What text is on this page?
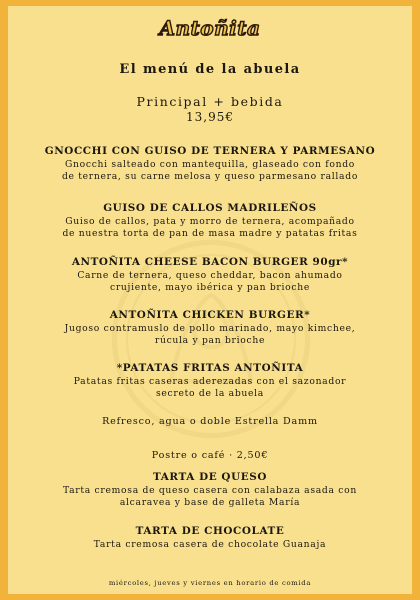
Antoñita
El menú de la abuela
Principal + bebida
13,95€
GNOCCHI CON GUISO DE TERNERA Y PARMESANO
Gnocchi salteado con mantequilla, glaseado con fondo
de ternera, su carne melosa y queso parmesano rallado
GUISO DE CALLOS MADRILEÑOS
Guiso de callos, pata y morro de ternera, acompañado
de nuestra torta de pan de masa madre y patatas fritas
ANTOÑITA CHEESE BACON BURGER 90gr*
Carne de ternera, queso cheddar, bacon ahumado
crujiente, mayo ibérica y pan brioche
ANTOÑITA CHICKEN BURGER*
Jugoso contramuslo de pollo marinado, mayo kimchee,
rúcula y pan brioche
*PATATAS FRITAS ANTOÑITA
Patatas fritas caseras aderezadas con el sazonador
secreto de la abuela
Refresco, agua o doble Estrella Damm
Postre o café · 2,50€
TARTA DE QUESO
Tarta cremosa de queso casera con calabaza asada con
alcaravea y base de galleta María
TARTA DE CHOCOLATE
Tarta cremosa casera de chocolate Guanaja
miércoles, jueves y viernes en horario de comida
